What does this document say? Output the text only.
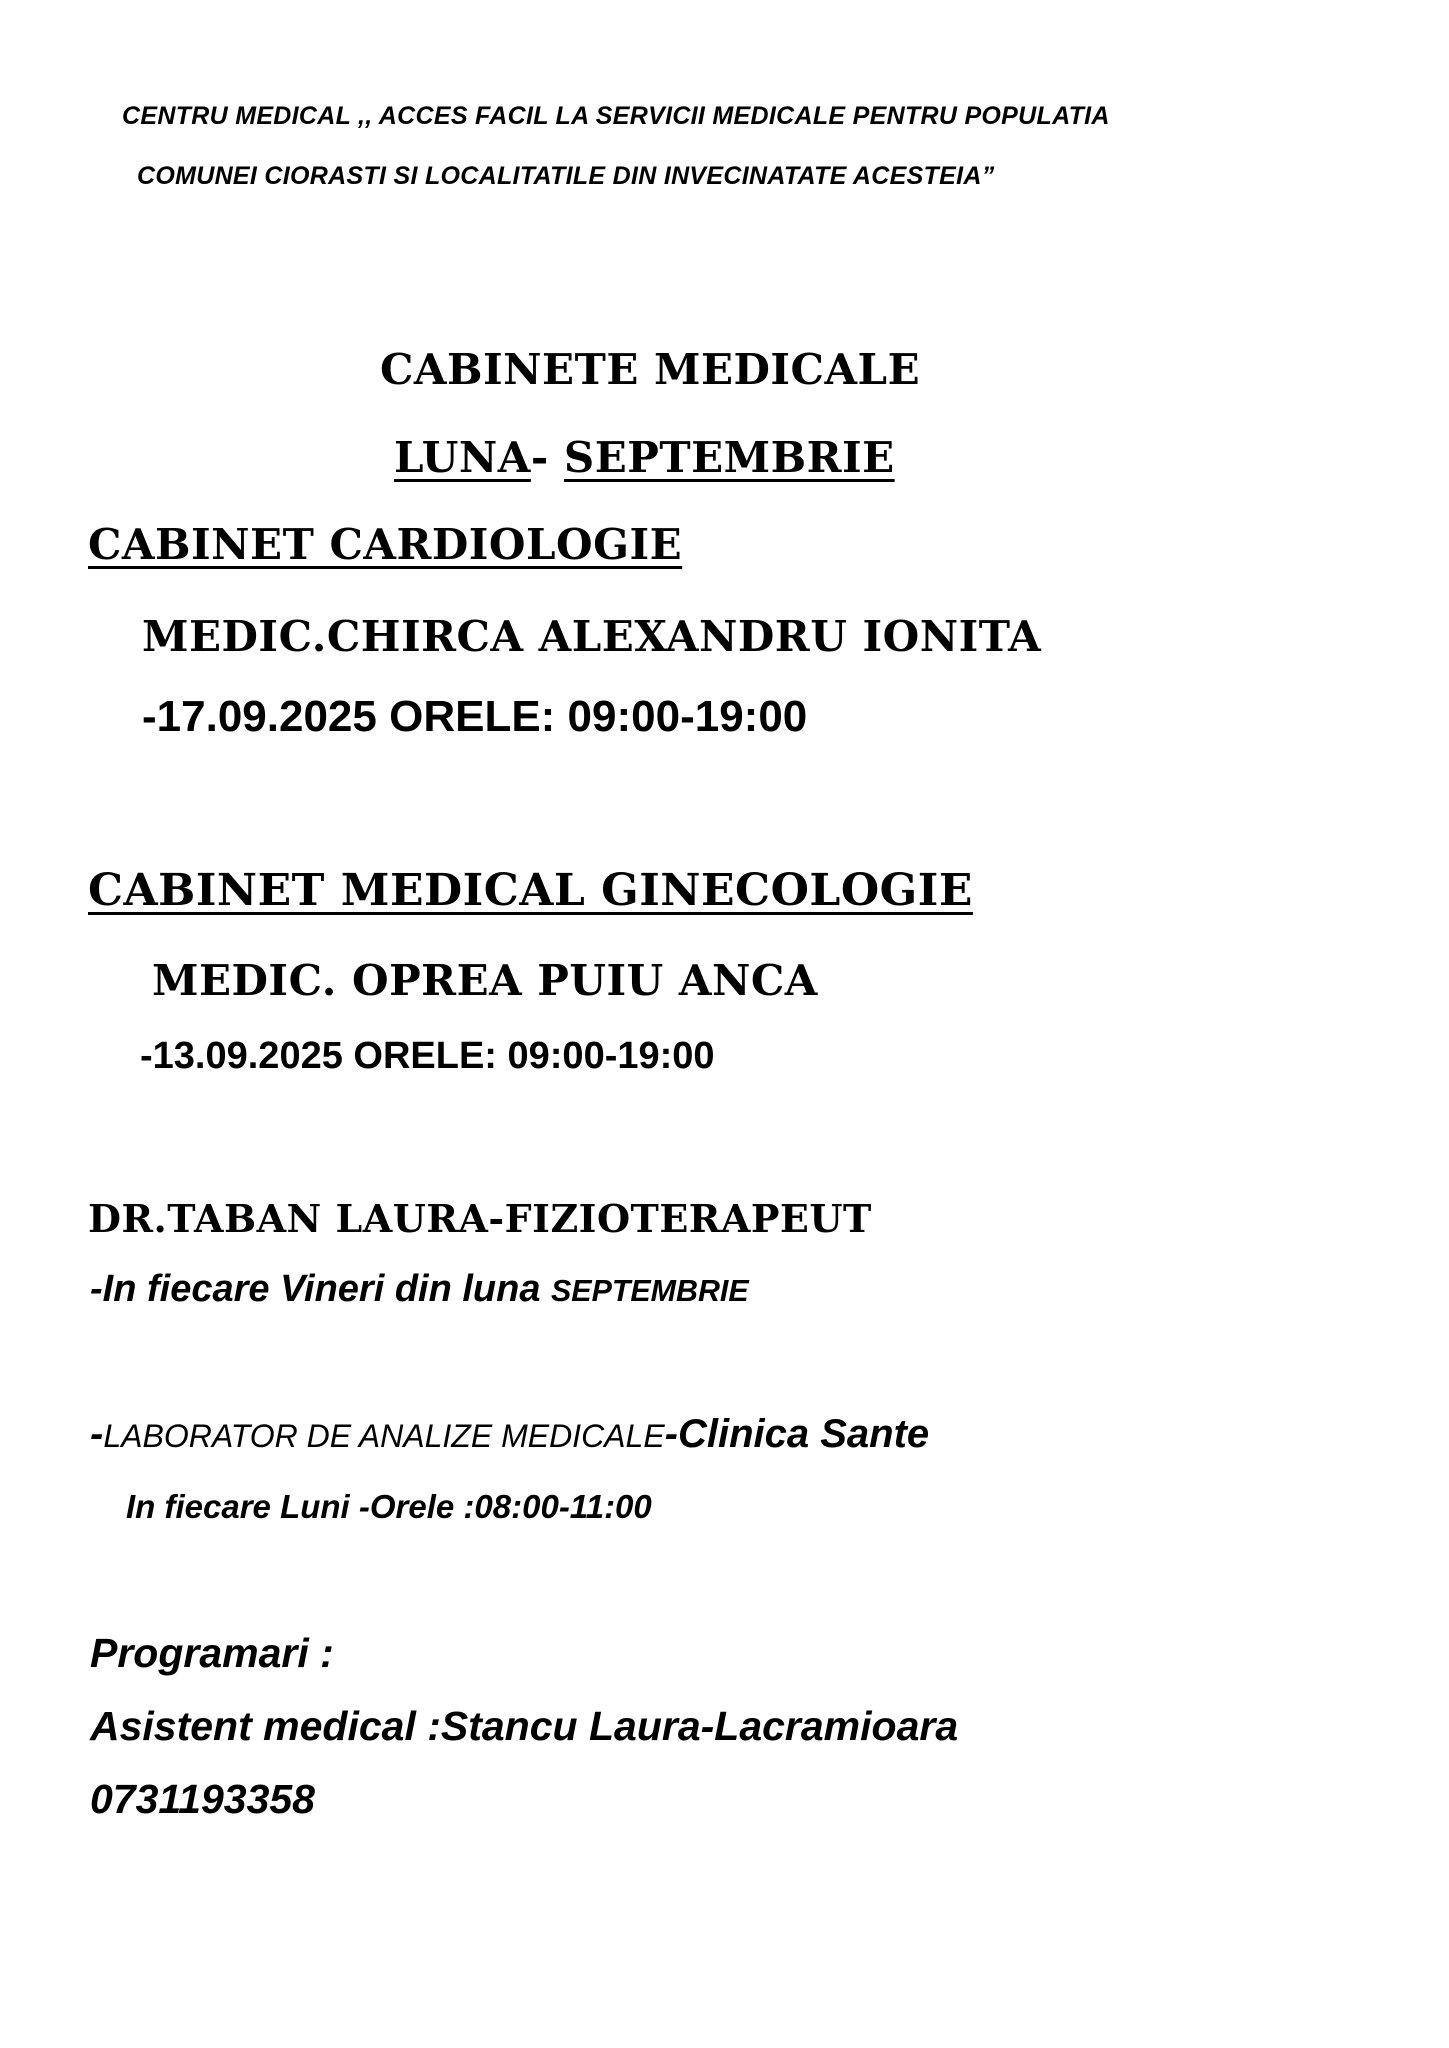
CENTRU MEDICAL ,, ACCES FACIL LA SERVICII MEDICALE PENTRU POPULATIA
COMUNEI CIORASTI SI LOCALITATILE DIN INVECINATATE ACESTEIA”
CABINETE MEDICALE
LUNA- SEPTEMBRIE
CABINET CARDIOLOGIE
MEDIC.CHIRCA ALEXANDRU IONITA
-17.09.2025 ORELE: 09:00-19:00
CABINET MEDICAL GINECOLOGIE
MEDIC. OPREA PUIU ANCA
-13.09.2025 ORELE: 09:00-19:00
DR.TABAN LAURA-FIZIOTERAPEUT
-In fiecare Vineri din luna SEPTEMBRIE
-LABORATOR DE ANALIZE MEDICALE-Clinica Sante
In fiecare Luni -Orele :08:00-11:00
Programari :
Asistent medical :Stancu Laura-Lacramioara
0731193358
